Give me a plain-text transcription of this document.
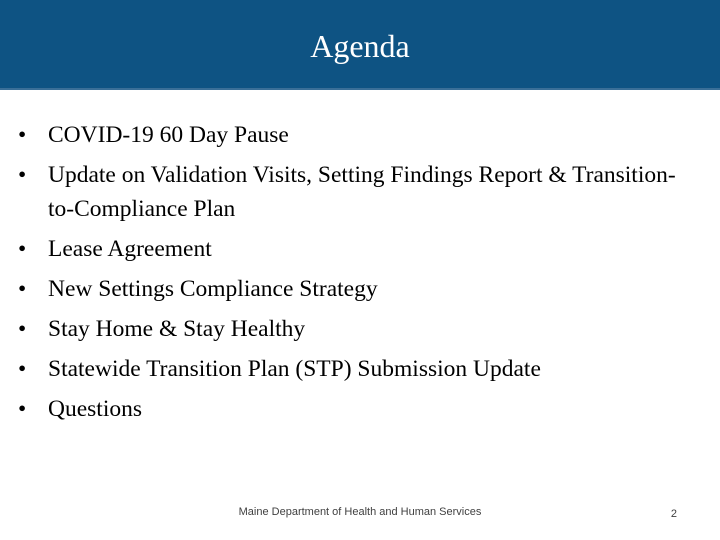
Agenda
• COVID-19 60 Day Pause
• Update on Validation Visits, Setting Findings Report & Transition-to-Compliance Plan
• Lease Agreement
• New Settings Compliance Strategy
• Stay Home & Stay Healthy
• Statewide Transition Plan (STP) Submission Update
• Questions
Maine Department of Health and Human Services	2
